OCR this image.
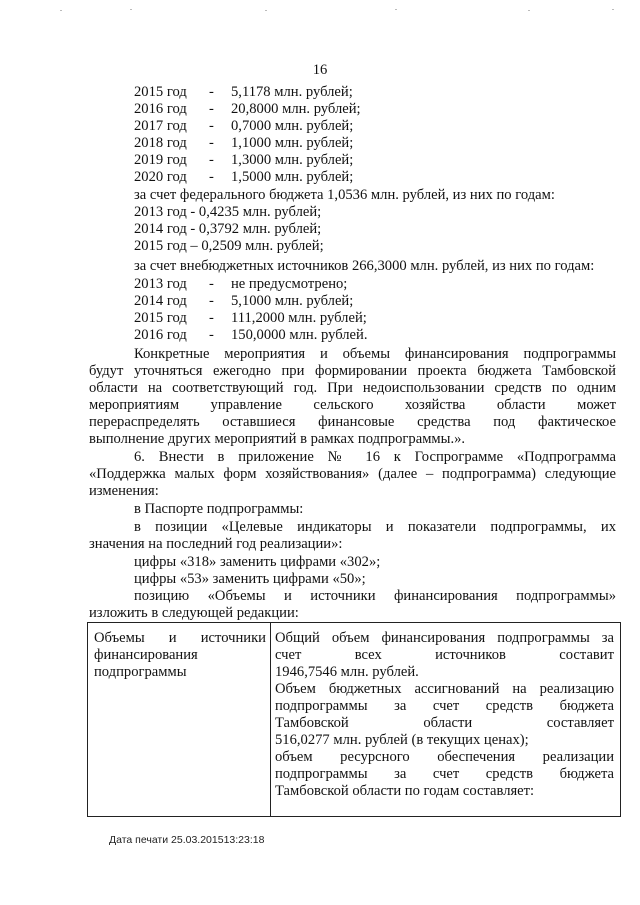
16
2015 год - 5,1178 млн. рублей;
2016 год - 20,8000 млн. рублей;
2017 год - 0,7000 млн. рублей;
2018 год - 1,1000 млн. рублей;
2019 год - 1,3000 млн. рублей;
2020 год - 1,5000 млн. рублей;
за счет федерального бюджета 1,0536 млн. рублей, из них по годам:
2013 год - 0,4235 млн. рублей;
2014 год - 0,3792 млн. рублей;
2015 год – 0,2509 млн. рублей;
за счет внебюджетных источников 266,3000 млн. рублей, из них по годам:
2013 год - не предусмотрено;
2014 год - 5,1000 млн. рублей;
2015 год - 111,2000 млн. рублей;
2016 год - 150,0000 млн. рублей.
Конкретные мероприятия и объемы финансирования подпрограммы
будут уточняться ежегодно при формировании проекта бюджета Тамбовской
области на соответствующий год. При недоиспользовании средств по одним
мероприятиям управление сельского хозяйства области может
перераспределять оставшиеся финансовые средства под фактическое
выполнение других мероприятий в рамках подпрограммы.».
6. Внести в приложение № 16 к Госпрограмме «Подпрограмма
«Поддержка малых форм хозяйствования» (далее – подпрограмма) следующие
изменения:
в Паспорте подпрограммы:
в позиции «Целевые индикаторы и показатели подпрограммы, их
значения на последний год реализации»:
цифры «318» заменить цифрами «302»;
цифры «53» заменить цифрами «50»;
позицию «Объемы и источники финансирования подпрограммы»
изложить в следующей редакции:
Объемы и источники
финансирования
подпрограммы
Общий объем финансирования подпрограммы за
счет всех источников составит
1946,7546 млн. рублей.
Объем бюджетных ассигнований на реализацию
подпрограммы за счет средств бюджета
Тамбовской области составляет
516,0277 млн. рублей (в текущих ценах);
объем ресурсного обеспечения реализации
подпрограммы за счет средств бюджета
Тамбовской области по годам составляет:
Дата печати 25.03.201513:23:18
